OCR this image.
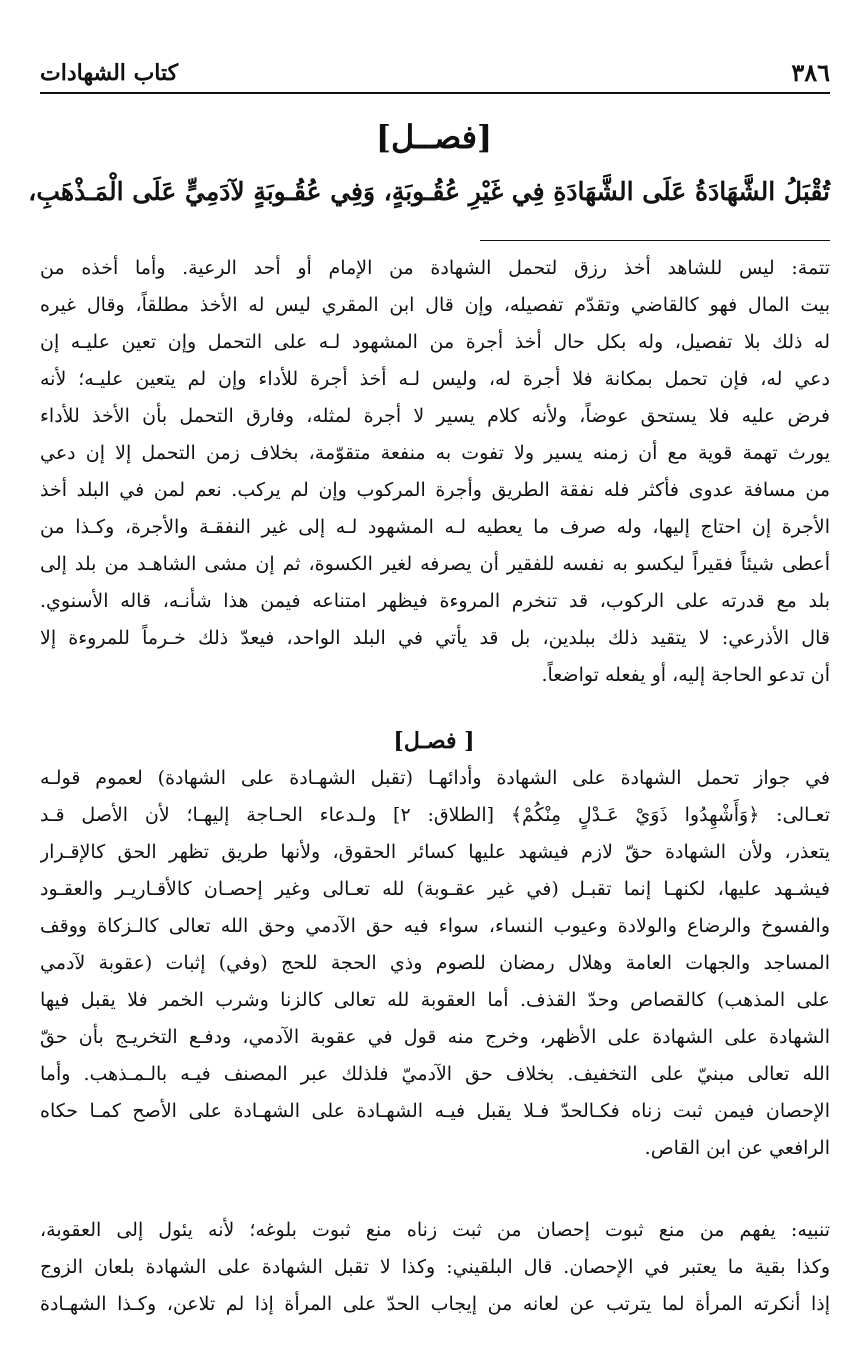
كتاب الشهادات	٣٨٦
[فصــل]
تُقْبَلُ الشَّهَادَةُ عَلَى الشَّهَادَةِ فِي غَيْرِ عُقُـوبَةٍ، وَفِي عُقُـوبَةٍ لآدَمِيٍّ عَلَى الْمَـذْهَبِ،
تتمة: ليس للشاهد أخذ رزق لتحمل الشهادة من الإمام أو أحد الرعية. وأما أخذه من
بيت المال فهو كالقاضي وتقدّم تفصيله، وإن قال ابن المقري ليس له الأخذ مطلقاً، وقال غيره
له ذلك بلا تفصيل، وله بكل حال أخذ أجرة من المشهود لـه على التحمل وإن تعين عليـه إن
دعي له، فإن تحمل بمكانة فلا أجرة له، وليس لـه أخذ أجرة للأداء وإن لم يتعين عليـه؛ لأنه
فرض عليه فلا يستحق عوضاً، ولأنه كلام يسير لا أجرة لمثله، وفارق التحمل بأن الأخذ للأداء
يورث تهمة قوية مع أن زمنه يسير ولا تفوت به منفعة متقوّمة، بخلاف زمن التحمل إلا إن دعي
من مسافة عدوى فأكثر فله نفقة الطريق وأجرة المركوب وإن لم يركب. نعم لمن في البلد أخذ
الأجرة إن احتاج إليها، وله صرف ما يعطيه لـه المشهود لـه إلى غير النفقـة والأجرة، وكـذا من
أعطى شيئاً فقيراً ليكسو به نفسه للفقير أن يصرفه لغير الكسوة، ثم إن مشى الشاهـد من بلد إلى
بلد مع قدرته على الركوب، قد تنخرم المروءة فيظهر امتناعه فيمن هذا شأنـه، قاله الأسنوي.
قال الأذرعي: لا يتقيد ذلك ببلدين، بل قد يأتي في البلد الواحد، فيعدّ ذلك خـرماً للمروءة إلا
أن تدعو الحاجة إليه، أو يفعله تواضعاً.
[ فصـل]
في جواز تحمل الشهادة على الشهادة وأدائهـا (تقبل الشهـادة على الشهادة) لعموم قولـه
تعـالى: ﴿وَأَشْهِدُوا ذَوَيْ عَـدْلٍ مِنْكُمْ﴾ [الطلاق: ٢] ولـدعاء الحـاجة إليهـا؛ لأن الأصل قـد
يتعذر، ولأن الشهادة حقّ لازم فيشهد عليها كسائر الحقوق، ولأنها طريق تظهر الحق كالإقـرار
فيشـهد عليها، لكنهـا إنما تقبـل (في غير عقـوبة) لله تعـالى وغير إحصـان كالأقـاريـر والعقـود
والفسوخ والرضاع والولادة وعيوب النساء، سواء فيه حق الآدمي وحق الله تعالى كالـزكاة ووقف
المساجد والجهات العامة وهلال رمضان للصوم وذي الحجة للحج (وفي) إثبات (عقوبة لآدمي
على المذهب) كالقصاص وحدّ القذف. أما العقوبة لله تعالى كالزنا وشرب الخمر فلا يقبل فيها
الشهادة على الشهادة على الأظهر، وخرج منه قول في عقوبة الآدمي، ودفـع التخريـج بأن حقّ
الله تعالى مبنيّ على التخفيف. بخلاف حق الآدميّ فلذلك عبر المصنف فيـه بالـمـذهب. وأما
الإحصان فيمن ثبت زناه فكـالحدّ فـلا يقبل فيـه الشهـادة على الشهـادة على الأصح كمـا حكاه
الرافعي عن ابن القاص.
تنبيه: يفهم من منع ثبوت إحصان من ثبت زناه منع ثبوت بلوغه؛ لأنه يئول إلى العقوبة،
وكذا بقية ما يعتبر في الإحصان. قال البلقيني: وكذا لا تقبل الشهادة على الشهادة بلعان الزوج
إذا أنكرته المرأة لما يترتب عن لعانه من إيجاب الحدّ على المرأة إذا لم تلاعن، وكـذا الشهـادة
